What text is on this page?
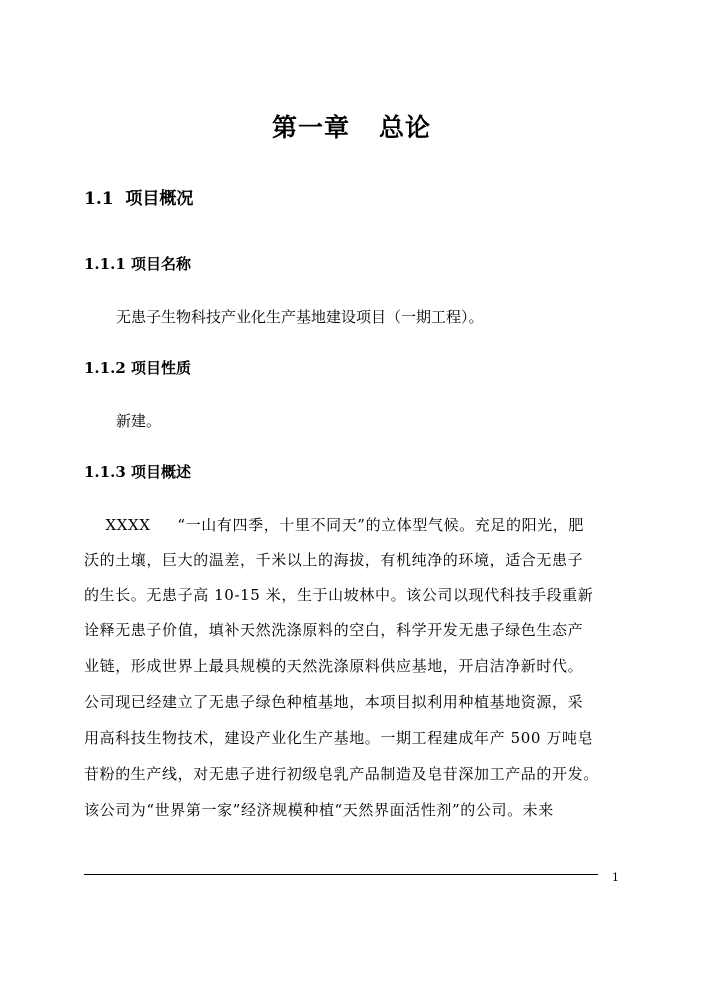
第一章   总论
1.1  项目概况
1.1.1 项目名称
无患子生物科技产业化生产基地建设项目（一期工程）。
1.1.2 项目性质
新建。
1.1.3 项目概述
XXXX     “一山有四季，十里不同天”的立体型气候。充足的阳光，肥
沃的土壤，巨大的温差，千米以上的海拔，有机纯净的环境，适合无患子
的生长。无患子高 10-15 米，生于山坡林中。该公司以现代科技手段重新
诠释无患子价值，填补天然洗涤原料的空白，科学开发无患子绿色生态产
业链，形成世界上最具规模的天然洗涤原料供应基地，开启洁净新时代。
公司现已经建立了无患子绿色种植基地，本项目拟利用种植基地资源，采
用高科技生物技术，建设产业化生产基地。一期工程建成年产 500 万吨皂
苷粉的生产线，对无患子进行初级皂乳产品制造及皂苷深加工产品的开发。
该公司为“世界第一家”经济规模种植“天然界面活性剂”的公司。未来
1
